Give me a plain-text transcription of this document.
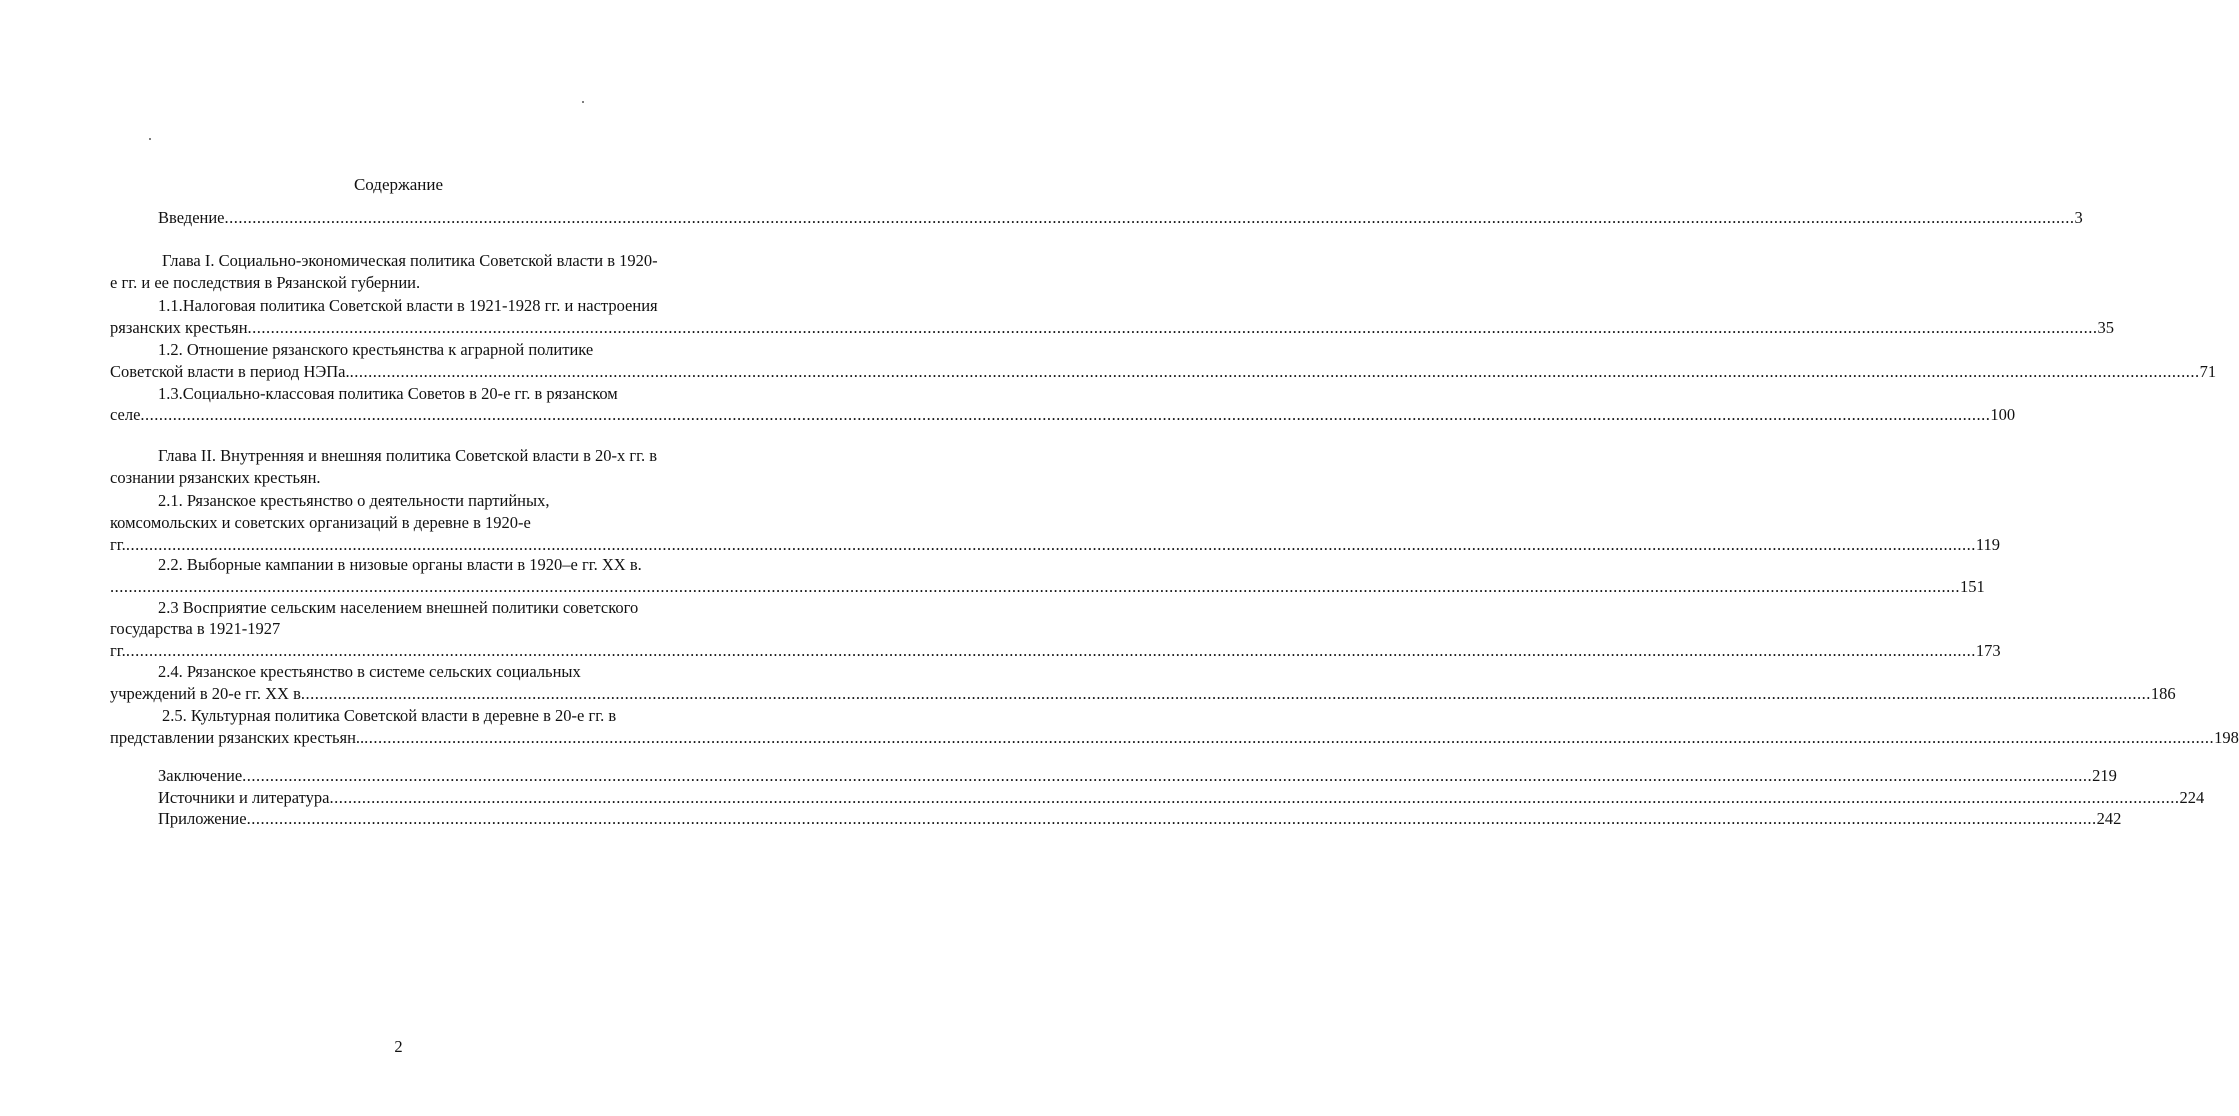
Содержание
Введение ................................................................................................................................................................................................................................................................................................................................................................................................................ 3
Глава I. Социально-экономическая политика Советской власти в 1920-
е гг. и ее последствия в Рязанской губернии.
1.1.Налоговая политика Советской власти в 1921-1928 гг. и настроения
рязанских крестьян ................................................................................................................................................................................................................................................................................................................................................................................................................ 35
1.2. Отношение рязанского крестьянства к аграрной политике
Советской власти в период НЭПа. ................................................................................................................................................................................................................................................................................................................................................................................................................ 71
1.3.Социально-классовая политика Советов в 20-е гг. в рязанском
селе ................................................................................................................................................................................................................................................................................................................................................................................................................ 100
Глава II. Внутренняя и внешняя политика Советской власти в 20-х гг. в
сознании рязанских крестьян.
2.1. Рязанское крестьянство о деятельности партийных,
комсомольских и советских организаций в деревне в 1920-е
гг. ................................................................................................................................................................................................................................................................................................................................................................................................................ 119
2.2. Выборные кампании в низовые органы власти в 1920–е гг. XX в.
................................................................................................................................................................................................................................................................................................................................................................................................................ 151
2.3 Восприятие сельским населением внешней политики советского
государства в 1921-1927
гг. ................................................................................................................................................................................................................................................................................................................................................................................................................ 173
2.4. Рязанское крестьянство в системе сельских социальных
учреждений в 20-е гг. XX в ................................................................................................................................................................................................................................................................................................................................................................................................................ 186
2.5. Культурная политика Советской власти в деревне в 20-е гг. в
представлении рязанских крестьян.. ................................................................................................................................................................................................................................................................................................................................................................................................................ 198
Заключение ................................................................................................................................................................................................................................................................................................................................................................................................................ 219
Источники и литература ................................................................................................................................................................................................................................................................................................................................................................................................................ 224
Приложение ................................................................................................................................................................................................................................................................................................................................................................................................................ 242
2
